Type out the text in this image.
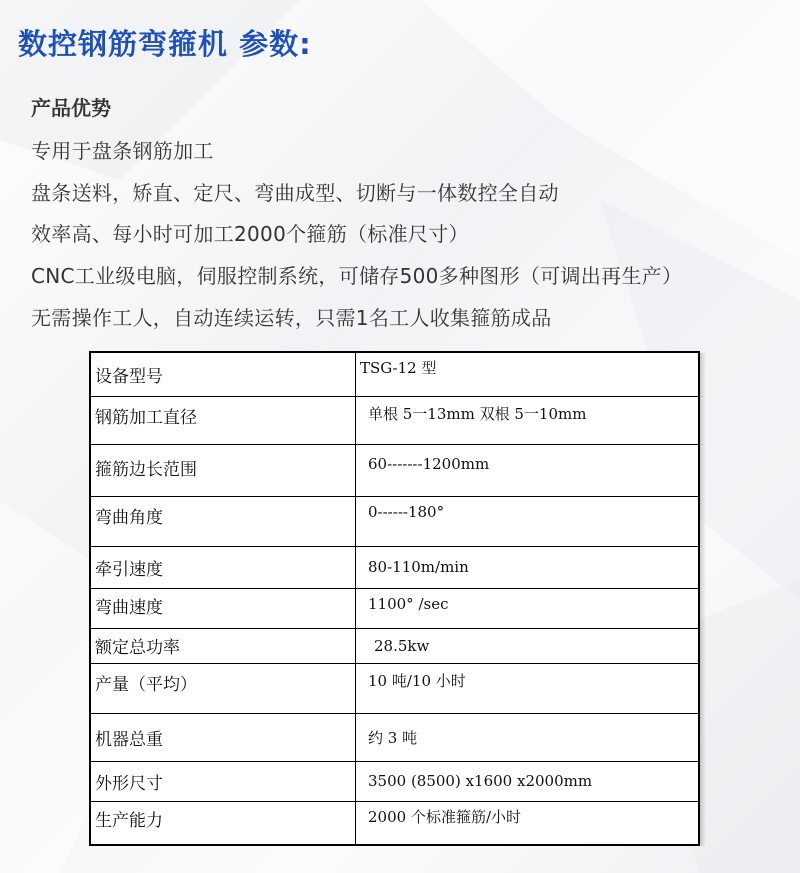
数控钢筋弯箍机 参数:
产品优势
专用于盘条钢筋加工
盘条送料，矫直、定尺、弯曲成型、切断与一体数控全自动
效率高、每小时可加工2000个箍筋（标准尺寸）
CNC工业级电脑，伺服控制系统，可储存500多种图形（可调出再生产）
无需操作工人，自动连续运转，只需1名工人收集箍筋成品
设备型号	TSG-12 型
钢筋加工直径	单根 5一13mm 双根 5一10mm
箍筋边长范围	60-------1200mm
弯曲角度	0------180°
牵引速度	80-110m/min
弯曲速度	1100° /sec
额定总功率	28.5kw
产量（平均）	10 吨/10 小时
机器总重	约 3 吨
外形尺寸	3500 (8500) x1600 x2000mm
生产能力	2000 个标准箍筋/小时
